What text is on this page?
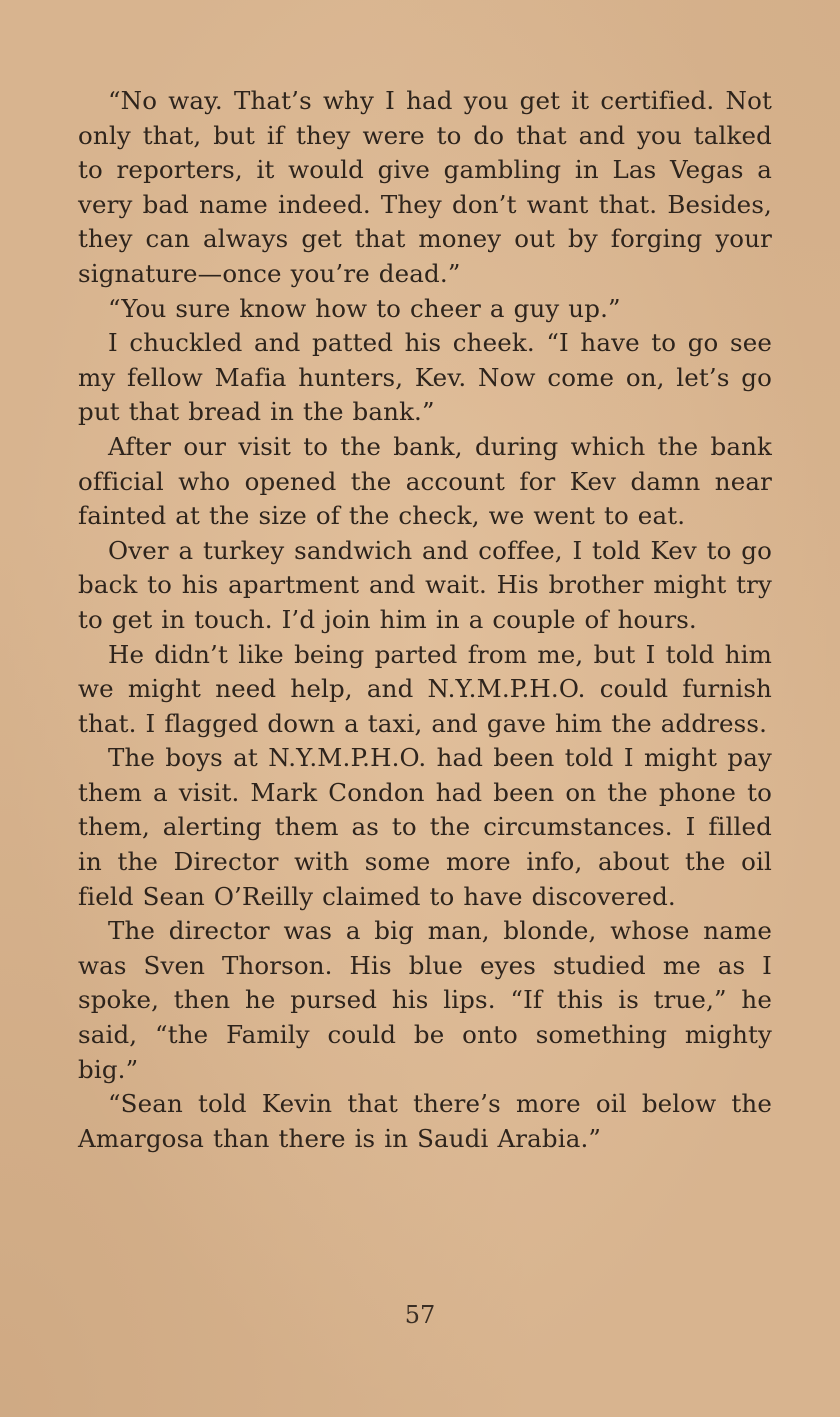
“No way. That’s why I had you get it certified. Not only that, but if they were to do that and you talked to reporters, it would give gambling in Las Vegas a very bad name indeed. They don’t want that. Besides, they can always get that money out by forging your signature—once you’re dead.”

“You sure know how to cheer a guy up.”

I chuckled and patted his cheek. “I have to go see my fellow Mafia hunters, Kev. Now come on, let’s go put that bread in the bank.”

After our visit to the bank, during which the bank official who opened the account for Kev damn near fainted at the size of the check, we went to eat.

Over a turkey sandwich and coffee, I told Kev to go back to his apartment and wait. His brother might try to get in touch. I’d join him in a couple of hours.

He didn’t like being parted from me, but I told him we might need help, and N.Y.M.P.H.O. could furnish that. I flagged down a taxi, and gave him the address.

The boys at N.Y.M.P.H.O. had been told I might pay them a visit. Mark Condon had been on the phone to them, alerting them as to the circumstances. I filled in the Director with some more info, about the oil field Sean O’Reilly claimed to have discovered.

The director was a big man, blonde, whose name was Sven Thorson. His blue eyes studied me as I spoke, then he pursed his lips. “If this is true,” he said, “the Family could be onto something mighty big.”

“Sean told Kevin that there’s more oil below the Amargosa than there is in Saudi Arabia.”

57
